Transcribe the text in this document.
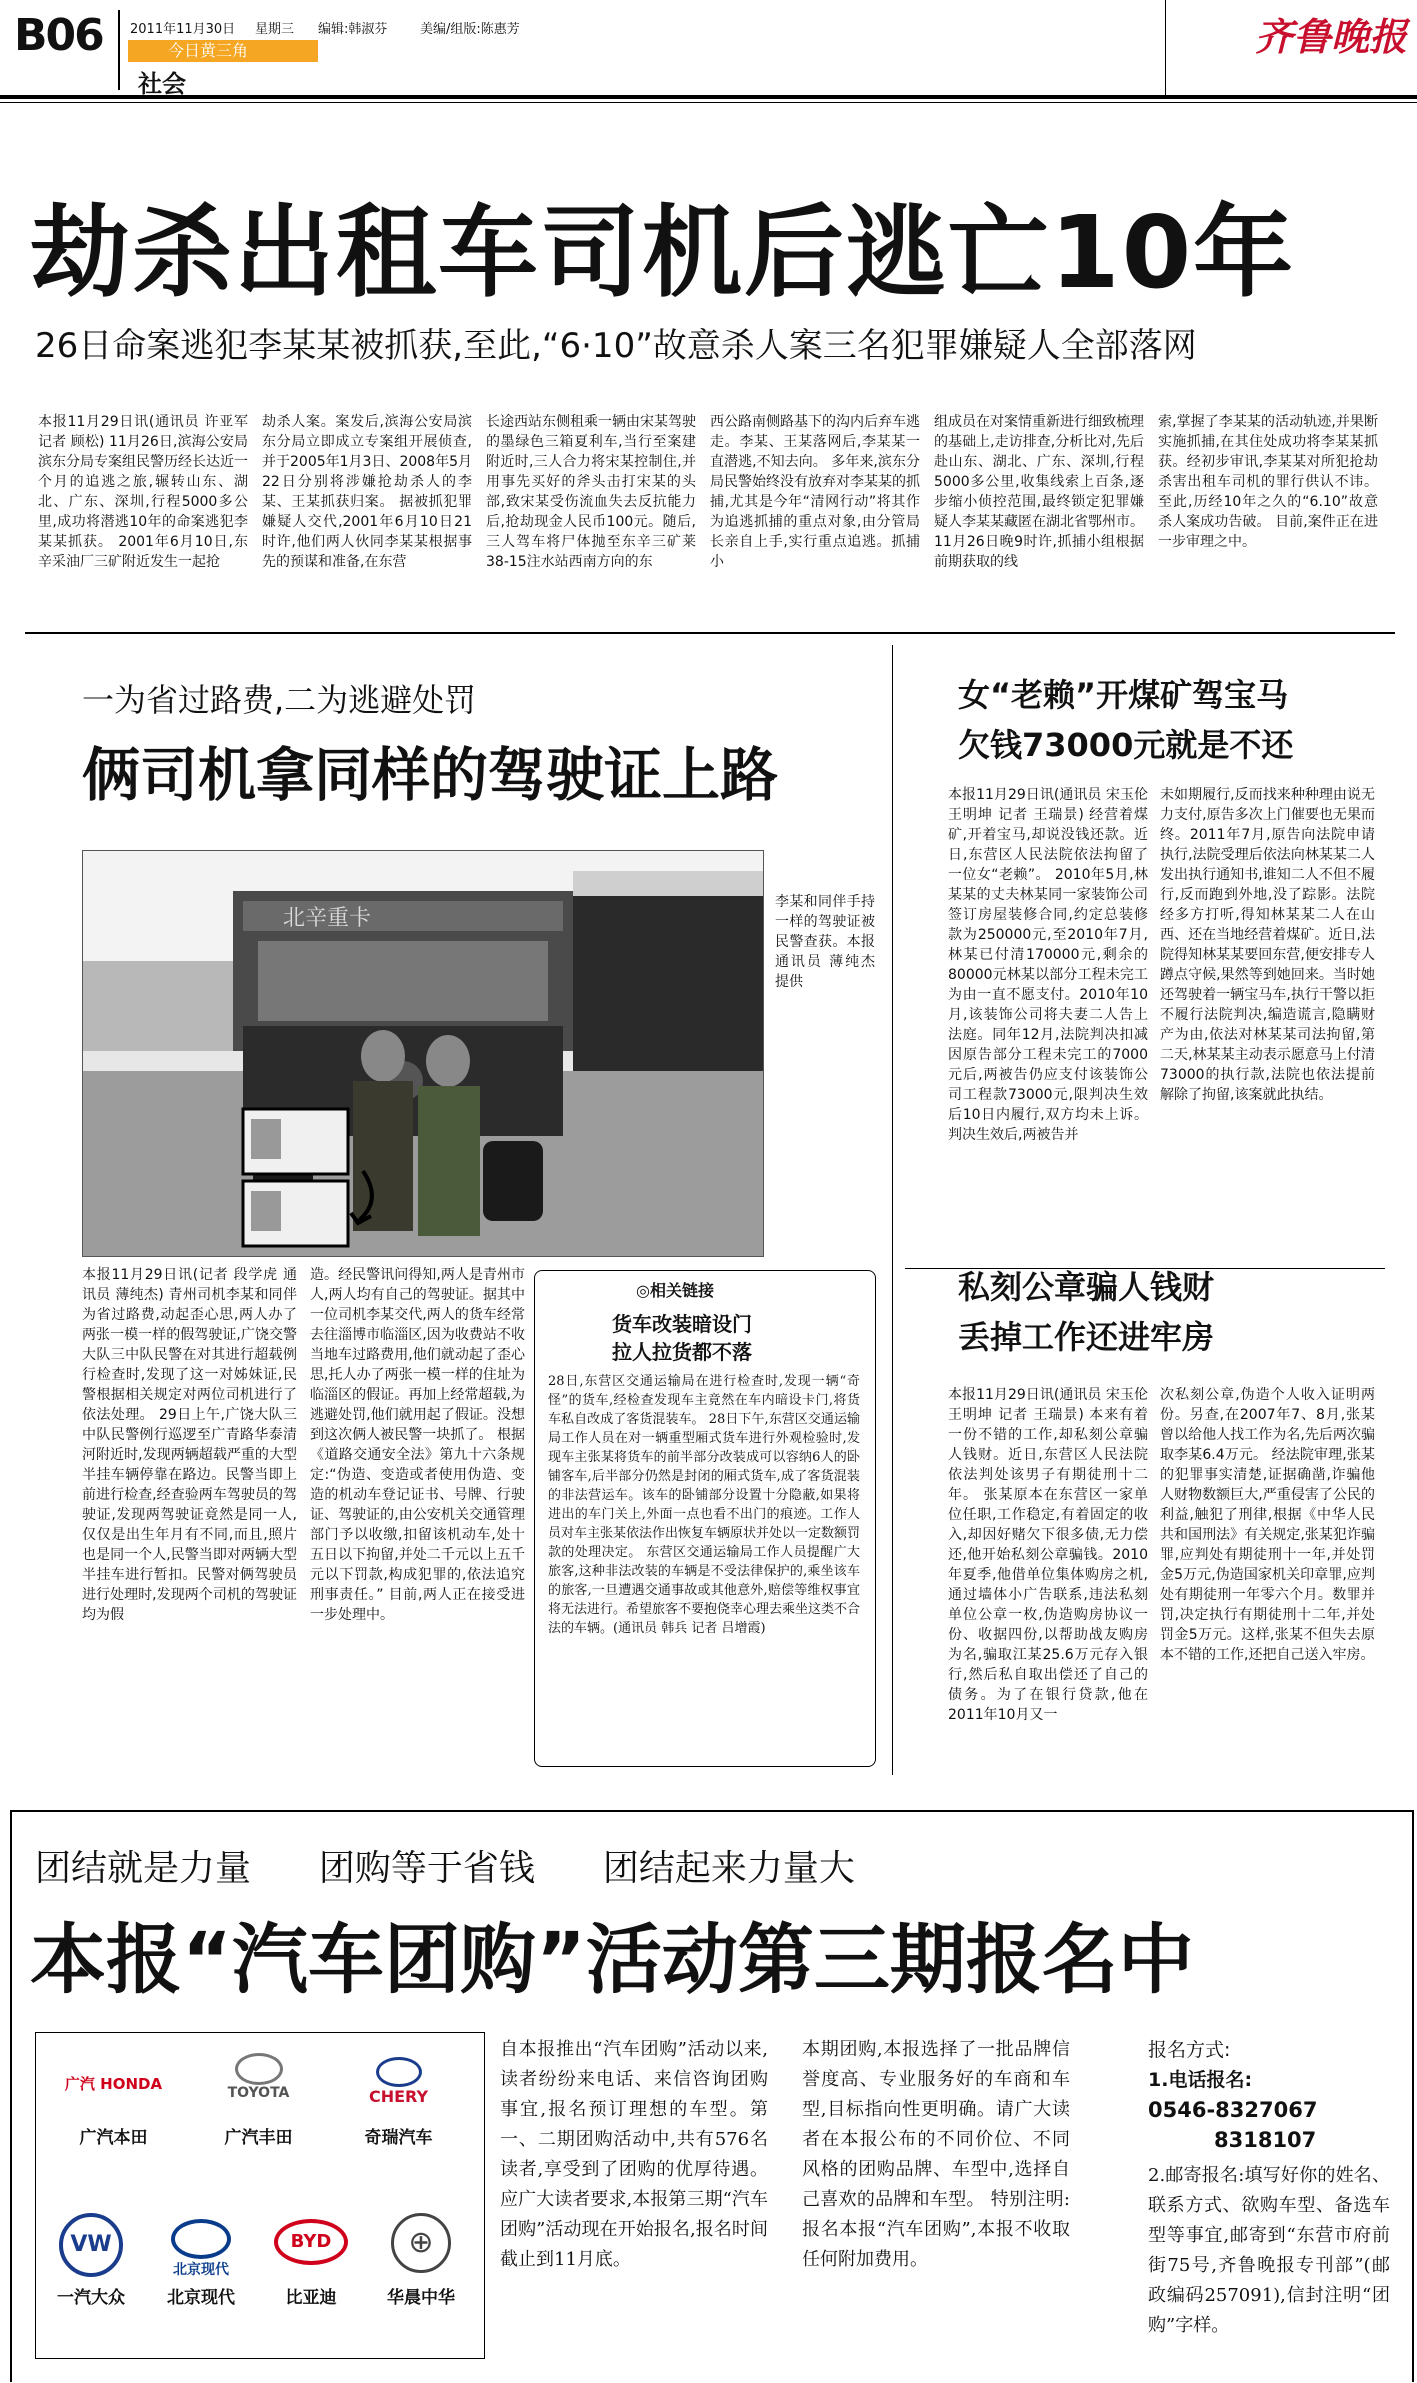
B06 2011年11月30日 星期三 编辑:韩淑芬	美编/组版:陈惠芳
今日黄三角
社会
齐鲁晚报
劫杀出租车司机后逃亡10年
26日命案逃犯李某某被抓获,至此,“6·10”故意杀人案三名犯罪嫌疑人全部落网
本报11月29日讯(通讯员 许亚军 记者 顾松) 11月26日,滨海公安局滨东分局专案组民警历经长达近一个月的追逃之旅,辗转山东、湖北、广东、深圳,行程5000多公里,成功将潜逃10年的命案逃犯李某某抓获。 2001年6月10日,东辛采油厂三矿附近发生一起抢
劫杀人案。案发后,滨海公安局滨东分局立即成立专案组开展侦查,并于2005年1月3日、2008年5月22日分别将涉嫌抢劫杀人的李某、王某抓获归案。 据被抓犯罪嫌疑人交代,2001年6月10日21时许,他们两人伙同李某某根据事先的预谋和准备,在东营
长途西站东侧租乘一辆由宋某驾驶的墨绿色三箱夏利车,当行至案建附近时,三人合力将宋某控制住,并用事先买好的斧头击打宋某的头部,致宋某受伤流血失去反抗能力后,抢劫现金人民币100元。随后,三人驾车将尸体抛至东辛三矿莱38-15注水站西南方向的东
西公路南侧路基下的沟内后弃车逃走。李某、王某落网后,李某某一直潜逃,不知去向。 多年来,滨东分局民警始终没有放弃对李某某的抓捕,尤其是今年“清网行动”将其作为追逃抓捕的重点对象,由分管局长亲自上手,实行重点追逃。抓捕小
组成员在对案情重新进行细致梳理的基础上,走访排查,分析比对,先后赴山东、湖北、广东、深圳,行程5000多公里,收集线索上百条,逐步缩小侦控范围,最终锁定犯罪嫌疑人李某某藏匿在湖北省鄂州市。 11月26日晚9时许,抓捕小组根据前期获取的线
索,掌握了李某某的活动轨迹,并果断实施抓捕,在其住处成功将李某某抓获。经初步审讯,李某某对所犯抢劫杀害出租车司机的罪行供认不讳。至此,历经10年之久的“6.10”故意杀人案成功告破。 目前,案件正在进一步审理之中。
一为省过路费,二为逃避处罚
俩司机拿同样的驾驶证上路
北辛重卡
李某和同伴手持一样的驾驶证被民警查获。本报通讯员 薄纯杰 提供
本报11月29日讯(记者 段学虎 通讯员 薄纯杰) 青州司机李某和同伴为省过路费,动起歪心思,两人办了两张一模一样的假驾驶证,广饶交警大队三中队民警在对其进行超载例行检查时,发现了这一对姊妹证,民警根据相关规定对两位司机进行了依法处理。 29日上午,广饶大队三中队民警例行巡逻至广青路华泰清河附近时,发现两辆超载严重的大型半挂车辆停靠在路边。民警当即上前进行检查,经查验两车驾驶员的驾驶证,发现两驾驶证竟然是同一人,仅仅是出生年月有不同,而且,照片也是同一个人,民警当即对两辆大型半挂车进行暂扣。民警对俩驾驶员进行处理时,发现两个司机的驾驶证均为假
造。经民警讯问得知,两人是青州市人,两人均有自己的驾驶证。据其中一位司机李某交代,两人的货车经常去往淄博市临淄区,因为收费站不收当地车过路费用,他们就动起了歪心思,托人办了两张一模一样的住址为临淄区的假证。再加上经常超载,为逃避处罚,他们就用起了假证。没想到这次俩人被民警一块抓了。 根据《道路交通安全法》第九十六条规定:“伪造、变造或者使用伪造、变造的机动车登记证书、号牌、行驶证、驾驶证的,由公安机关交通管理部门予以收缴,扣留该机动车,处十五日以下拘留,并处二千元以上五千元以下罚款,构成犯罪的,依法追究刑事责任。” 目前,两人正在接受进一步处理中。
◎相关链接
货车改装暗设门
拉人拉货都不落
28日,东营区交通运输局在进行检查时,发现一辆“奇怪”的货车,经检查发现车主竟然在车内暗设卡门,将货车私自改成了客货混装车。 28日下午,东营区交通运输局工作人员在对一辆重型厢式货车进行外观检验时,发现车主张某将货车的前半部分改装成可以容纳6人的卧铺客车,后半部分仍然是封闭的厢式货车,成了客货混装的非法营运车。该车的卧铺部分设置十分隐蔽,如果将进出的车门关上,外面一点也看不出门的痕迹。工作人员对车主张某依法作出恢复车辆原状并处以一定数额罚款的处理决定。 东营区交通运输局工作人员提醒广大旅客,这种非法改装的车辆是不受法律保护的,乘坐该车的旅客,一旦遭遇交通事故或其他意外,赔偿等维权事宜将无法进行。希望旅客不要抱侥幸心理去乘坐这类不合法的车辆。(通讯员 韩兵 记者 吕增霞)
女“老赖”开煤矿驾宝马
欠钱73000元就是不还
本报11月29日讯(通讯员 宋玉伦 王明坤 记者 王瑞景) 经营着煤矿,开着宝马,却说没钱还款。近日,东营区人民法院依法拘留了一位女“老赖”。 2010年5月,林某某的丈夫林某同一家装饰公司签订房屋装修合同,约定总装修款为250000元,至2010年7月,林某已付清170000元,剩余的80000元林某以部分工程未完工为由一直不愿支付。2010年10月,该装饰公司将夫妻二人告上法庭。同年12月,法院判决扣减因原告部分工程未完工的7000元后,两被告仍应支付该装饰公司工程款73000元,限判决生效后10日内履行,双方均未上诉。 判决生效后,两被告并
未如期履行,反而找来种种理由说无力支付,原告多次上门催要也无果而终。2011年7月,原告向法院申请执行,法院受理后依法向林某某二人发出执行通知书,谁知二人不但不履行,反而跑到外地,没了踪影。法院经多方打听,得知林某某二人在山西、还在当地经营着煤矿。近日,法院得知林某某要回东营,便安排专人蹲点守候,果然等到她回来。当时她还驾驶着一辆宝马车,执行干警以拒不履行法院判决,编造谎言,隐瞒财产为由,依法对林某某司法拘留,第二天,林某某主动表示愿意马上付清73000的执行款,法院也依法提前解除了拘留,该案就此执结。
私刻公章骗人钱财
丢掉工作还进牢房
本报11月29日讯(通讯员 宋玉伦 王明坤 记者 王瑞景) 本来有着一份不错的工作,却私刻公章骗人钱财。近日,东营区人民法院依法判处该男子有期徒刑十二年。 张某原本在东营区一家单位任职,工作稳定,有着固定的收入,却因好赌欠下很多债,无力偿还,他开始私刻公章骗钱。2010年夏季,他借单位集体购房之机,通过墙体小广告联系,违法私刻单位公章一枚,伪造购房协议一份、收据四份,以帮助战友购房为名,骗取江某25.6万元存入银行,然后私自取出偿还了自己的债务。为了在银行贷款,他在2011年10月又一
次私刻公章,伪造个人收入证明两份。另查,在2007年7、8月,张某曾以给他人找工作为名,先后两次骗取李某6.4万元。 经法院审理,张某的犯罪事实清楚,证据确凿,诈骗他人财物数额巨大,严重侵害了公民的利益,触犯了刑律,根据《中华人民共和国刑法》有关规定,张某犯诈骗罪,应判处有期徒刑十一年,并处罚金5万元,伪造国家机关印章罪,应判处有期徒刑一年零六个月。数罪并罚,决定执行有期徒刑十二年,并处罚金5万元。这样,张某不但失去原本不错的工作,还把自己送入牢房。
团结就是力量 团购等于省钱 团结起来力量大
本报“汽车团购”活动第三期报名中
广汽 HONDA
广汽本田
TOYOTA
广汽丰田
CHERY
奇瑞汽车
VW
一汽大众
北京现代
北京现代
BYD
比亚迪
⊕
华晨中华
自本报推出“汽车团购”活动以来,读者纷纷来电话、来信咨询团购事宜,报名预订理想的车型。第一、二期团购活动中,共有576名读者,享受到了团购的优厚待遇。 应广大读者要求,本报第三期“汽车团购”活动现在开始报名,报名时间截止到11月底。
本期团购,本报选择了一批品牌信誉度高、专业服务好的车商和车型,目标指向性更明确。请广大读者在本报公布的不同价位、不同风格的团购品牌、车型中,选择自己喜欢的品牌和车型。 特别注明:报名本报“汽车团购”,本报不收取任何附加费用。
报名方式:
1.电话报名:
0546-8327067
8318107
2.邮寄报名:填写好你的姓名、联系方式、欲购车型、备选车型等事宜,邮寄到“东营市府前街75号,齐鲁晚报专刊部”(邮政编码257091),信封注明“团购”字样。
